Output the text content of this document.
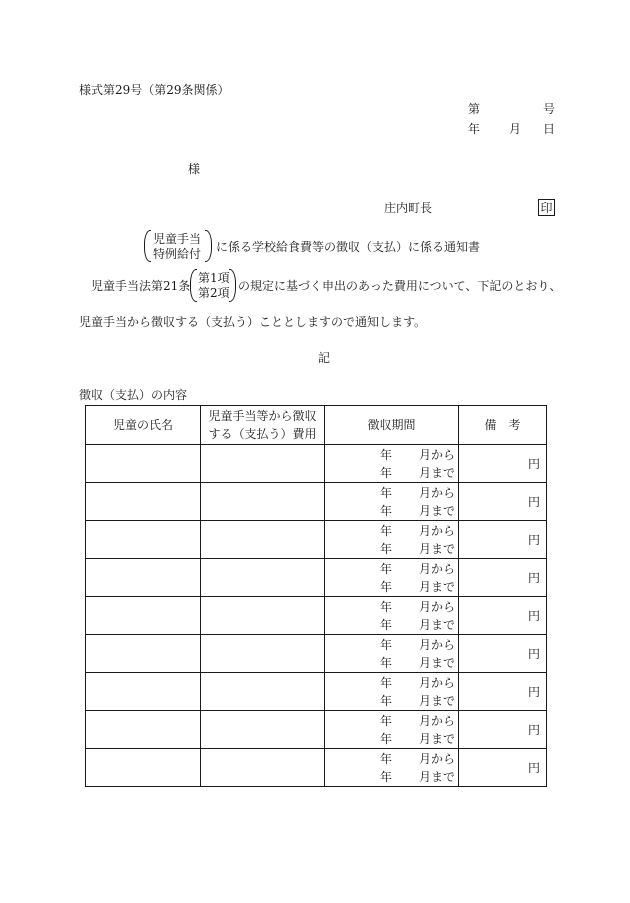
様式第29号（第29条関係）
第	号
年 月 日
様
庄内町長	印
児童手当
特例給付 に係る学校給食費等の徴収（支払）に係る通知書
児童手当法第21条
第1項
第2項 の規定に基づく申出のあった費用について、下記のとおり、
児童手当から徴収する（支払う）こととしますので通知します。
記
徴収（支払）の内容
児童の氏名	児童手当等から徴収
する（支払う）費用	徴収期間	備　考

		年 月から
年 月まで	円

		年 月から
年 月まで	円

		年 月から
年 月まで	円

		年 月から
年 月まで	円

		年 月から
年 月まで	円

		年 月から
年 月まで	円

		年 月から
年 月まで	円

		年 月から
年 月まで	円

		年 月から
年 月まで	円
